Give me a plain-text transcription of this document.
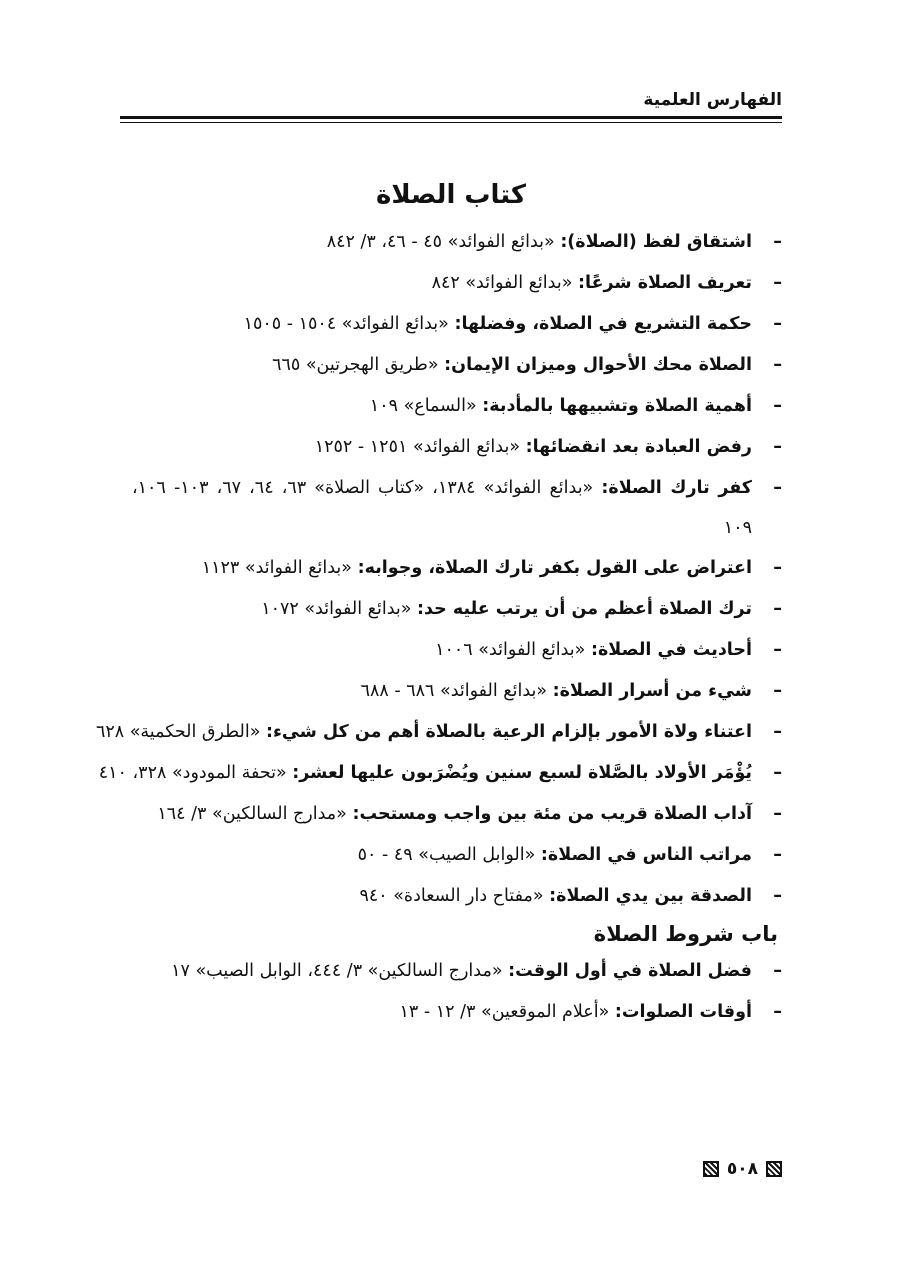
الفهارس العلمية
كتاب الصلاة
–
اشتقاق لفظ (الصلاة): «بدائع الفوائد» ٤٥ - ٤٦، ٣/ ٨٤٢
–
تعريف الصلاة شرعًا: «بدائع الفوائد» ٨٤٢
–
حكمة التشريع في الصلاة، وفضلها: «بدائع الفوائد» ١٥٠٤ - ١٥٠٥
–
الصلاة محك الأحوال وميزان الإيمان: «طريق الهجرتين» ٦٦٥
–
أهمية الصلاة وتشبيهها بالمأدبة: «السماع» ١٠٩
–
رفض العبادة بعد انقضائها: «بدائع الفوائد» ١٢٥١ - ١٢٥٢
–
كفر تارك الصلاة: «بدائع الفوائد» ١٣٨٤، «كتاب الصلاة» ٦٣، ٦٤، ٦٧، ١٠٣- ١٠٦، ١٠٩
–
اعتراض على القول بكفر تارك الصلاة، وجوابه: «بدائع الفوائد» ١١٢٣
–
ترك الصلاة أعظم من أن يرتب عليه حد: «بدائع الفوائد» ١٠٧٢
–
أحاديث في الصلاة: «بدائع الفوائد» ١٠٠٦
–
شيء من أسرار الصلاة: «بدائع الفوائد» ٦٨٦ - ٦٨٨
–
اعتناء ولاة الأمور بإلزام الرعية بالصلاة أهم من كل شيء: «الطرق الحكمية» ٦٢٨
–
يُؤْمَر الأولاد بالصَّلاة لسبع سنين ويُضْرَبون عليها لعشر: «تحفة المودود» ٣٢٨، ٤١٠
–
آداب الصلاة قريب من مئة بين واجب ومستحب: «مدارج السالكين» ٣/ ١٦٤
–
مراتب الناس في الصلاة: «الوابل الصيب» ٤٩ - ٥٠
–
الصدقة بين يدي الصلاة: «مفتاح دار السعادة» ٩٤٠
باب شروط الصلاة
–
فضل الصلاة في أول الوقت: «مدارج السالكين» ٣/ ٤٤٤، الوابل الصيب» ١٧
–
أوقات الصلوات: «أعلام الموقعين» ٣/ ١٢ - ١٣
٥٠٨
